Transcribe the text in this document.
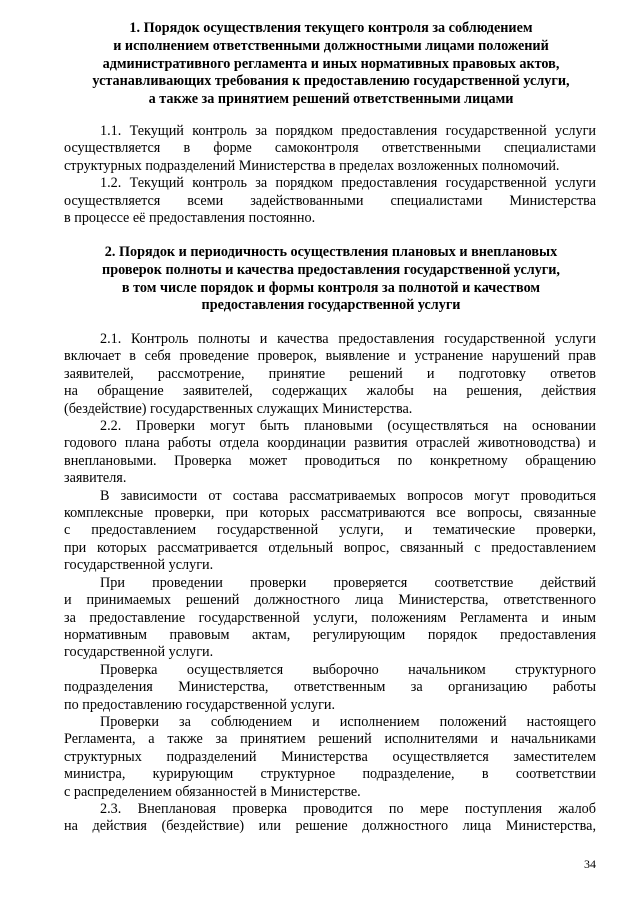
1. Порядок осуществления текущего контроля за соблюдением
и исполнением ответственными должностными лицами положений
административного регламента и иных нормативных правовых актов,
устанавливающих требования к предоставлению государственной услуги,
а также за принятием решений ответственными лицами

1.1. Текущий контроль за порядком предоставления государственной услуги
осуществляется в форме самоконтроля ответственными специалистами
структурных подразделений Министерства в пределах возложенных полномочий.

1.2. Текущий контроль за порядком предоставления государственной услуги
осуществляется всеми задействованными специалистами Министерства
в процессе её предоставления постоянно.

2. Порядок и периодичность осуществления плановых и внеплановых
проверок полноты и качества предоставления государственной услуги,
в том числе порядок и формы контроля за полнотой и качеством
предоставления государственной услуги

2.1. Контроль полноты и качества предоставления государственной услуги
включает в себя проведение проверок, выявление и устранение нарушений прав
заявителей, рассмотрение, принятие решений и подготовку ответов
на обращение заявителей, содержащих жалобы на решения, действия
(бездействие) государственных служащих Министерства.

2.2. Проверки могут быть плановыми (осуществляться на основании
годового плана работы отдела координации развития отраслей животноводства) и
внеплановыми. Проверка может проводиться по конкретному обращению
заявителя.

В зависимости от состава рассматриваемых вопросов могут проводиться
комплексные проверки, при которых рассматриваются все вопросы, связанные
с предоставлением государственной услуги, и тематические проверки,
при которых рассматривается отдельный вопрос, связанный с предоставлением
государственной услуги.

При проведении проверки проверяется соответствие действий
и принимаемых решений должностного лица Министерства, ответственного
за предоставление государственной услуги, положениям Регламента и иным
нормативным правовым актам, регулирующим порядок предоставления
государственной услуги.

Проверка осуществляется выборочно начальником структурного
подразделения Министерства, ответственным за организацию работы
по предоставлению государственной услуги.

Проверки за соблюдением и исполнением положений настоящего
Регламента, а также за принятием решений исполнителями и начальниками
структурных подразделений Министерства осуществляется заместителем
министра, курирующим структурное подразделение, в соответствии
с распределением обязанностей в Министерстве.

2.3. Внеплановая проверка проводится по мере поступления жалоб
на действия (бездействие) или решение должностного лица Министерства,

34
